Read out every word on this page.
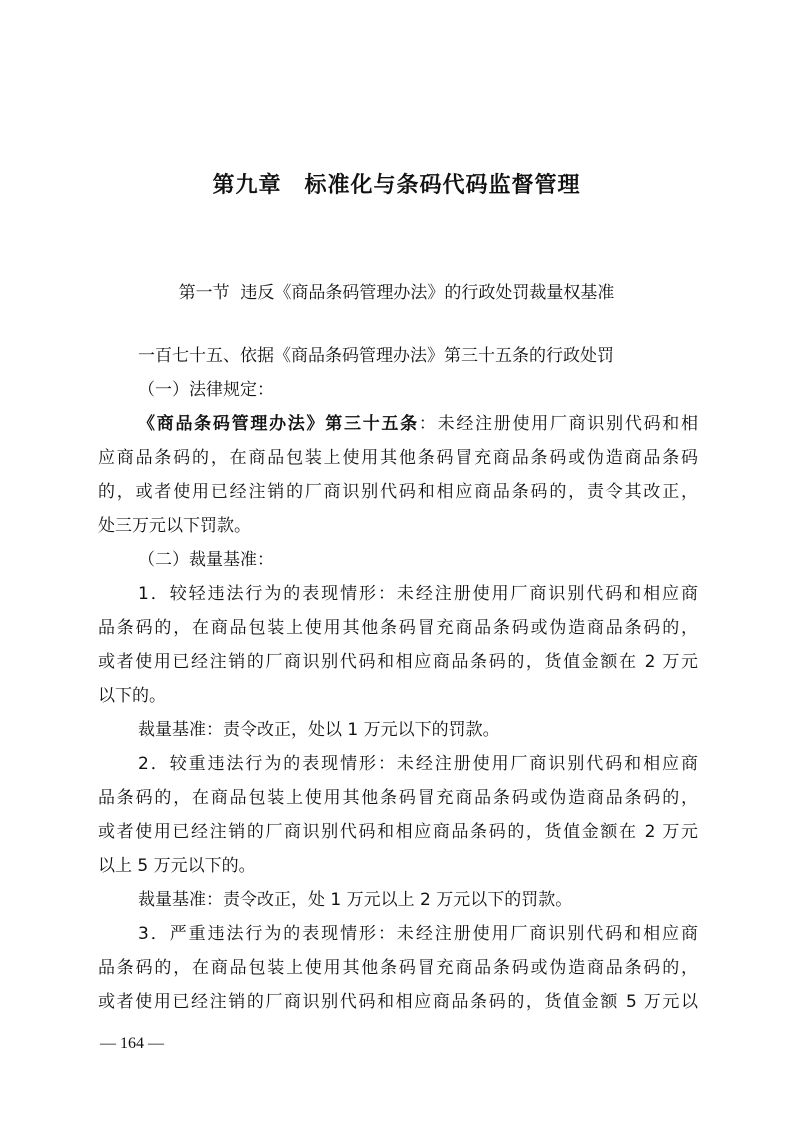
第九章　标准化与条码代码监督管理
第一节  违反《商品条码管理办法》的行政处罚裁量权基准
一百七十五、依据《商品条码管理办法》第三十五条的行政处罚
（一）法律规定：
《商品条码管理办法》第三十五条：未经注册使用厂商识别代码和相
应商品条码的，在商品包装上使用其他条码冒充商品条码或伪造商品条码
的，或者使用已经注销的厂商识别代码和相应商品条码的，责令其改正，
处三万元以下罚款。
（二）裁量基准：
1．较轻违法行为的表现情形：未经注册使用厂商识别代码和相应商
品条码的，在商品包装上使用其他条码冒充商品条码或伪造商品条码的，
或者使用已经注销的厂商识别代码和相应商品条码的，货值金额在 2 万元
以下的。
裁量基准：责令改正，处以 1 万元以下的罚款。
2．较重违法行为的表现情形：未经注册使用厂商识别代码和相应商
品条码的，在商品包装上使用其他条码冒充商品条码或伪造商品条码的，
或者使用已经注销的厂商识别代码和相应商品条码的，货值金额在 2 万元
以上 5 万元以下的。
裁量基准：责令改正，处 1 万元以上 2 万元以下的罚款。
3．严重违法行为的表现情形：未经注册使用厂商识别代码和相应商
品条码的，在商品包装上使用其他条码冒充商品条码或伪造商品条码的，
或者使用已经注销的厂商识别代码和相应商品条码的，货值金额 5 万元以
— 164 —
